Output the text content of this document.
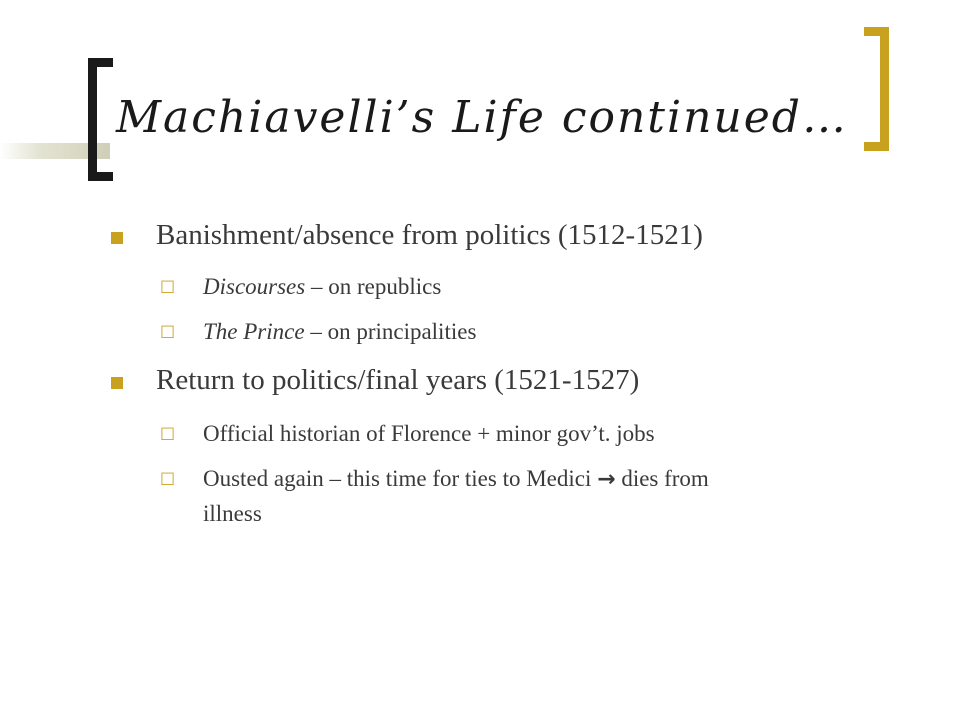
Machiavelli’s Life continued…
Banishment/absence from politics (1512-1521)
□ Discourses – on republics
□ The Prince – on principalities
Return to politics/final years (1521-1527)
□ Official historian of Florence + minor gov’t. jobs
□ Ousted again – this time for ties to Medici → dies from
illness
